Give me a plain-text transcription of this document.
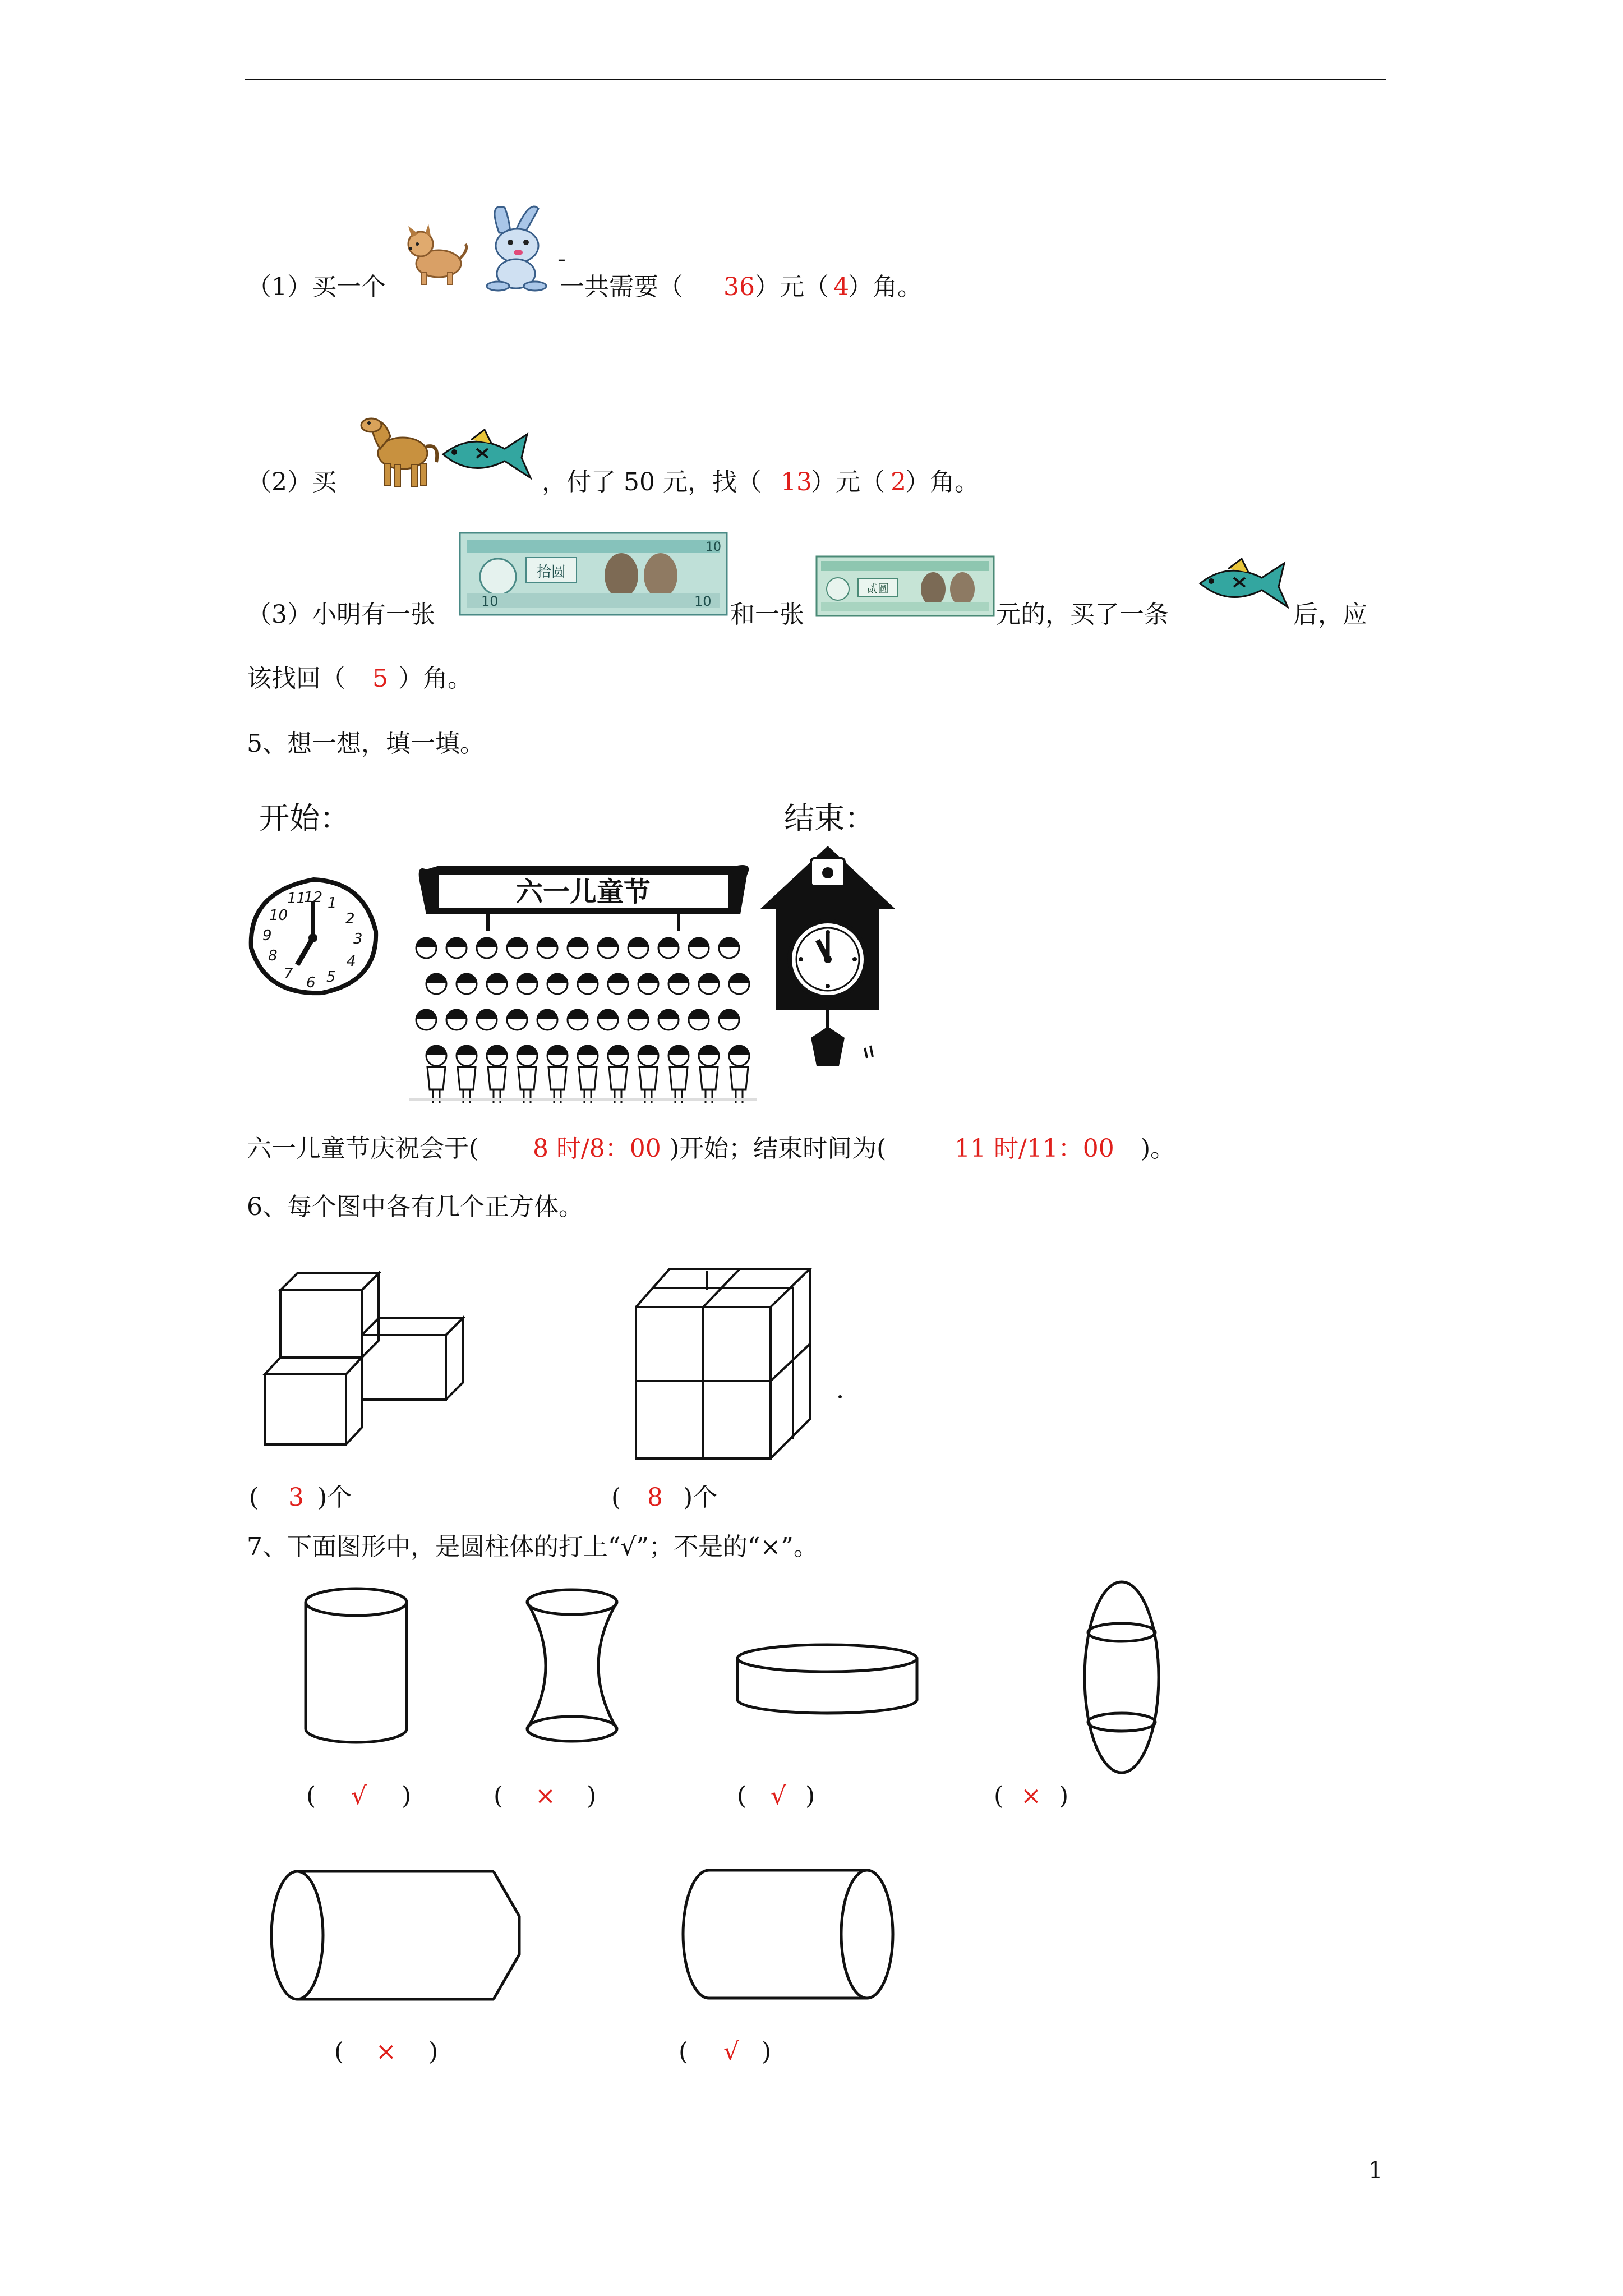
（1）买一个
-
一共需要（ 36 ）元（ 4
）角。
（2）买	，付了 50 元，找（ 13
）元（ 2
）角。
（3）小明有一张
拾圆
10
10	10 和一张
贰圆
元的，买了一条	后，应
该找回（ 5 ）角。
5、想一想，填一填。
开始：	结束：
12
11 1
2
3
4
5
6
7
8
9
10
六一儿童节
六一儿童节庆祝会于( 8 时/8：00 )开始；结束时间为(	11 时/11：00 )。
6、每个图中各有几个正方体。
( 3 )个	( 8 )个
7、下面图形中，是圆柱体的打上“√”；不是的“×”。
( √ )	( × )	( √ )	( × )
( × )	( √ )
1
